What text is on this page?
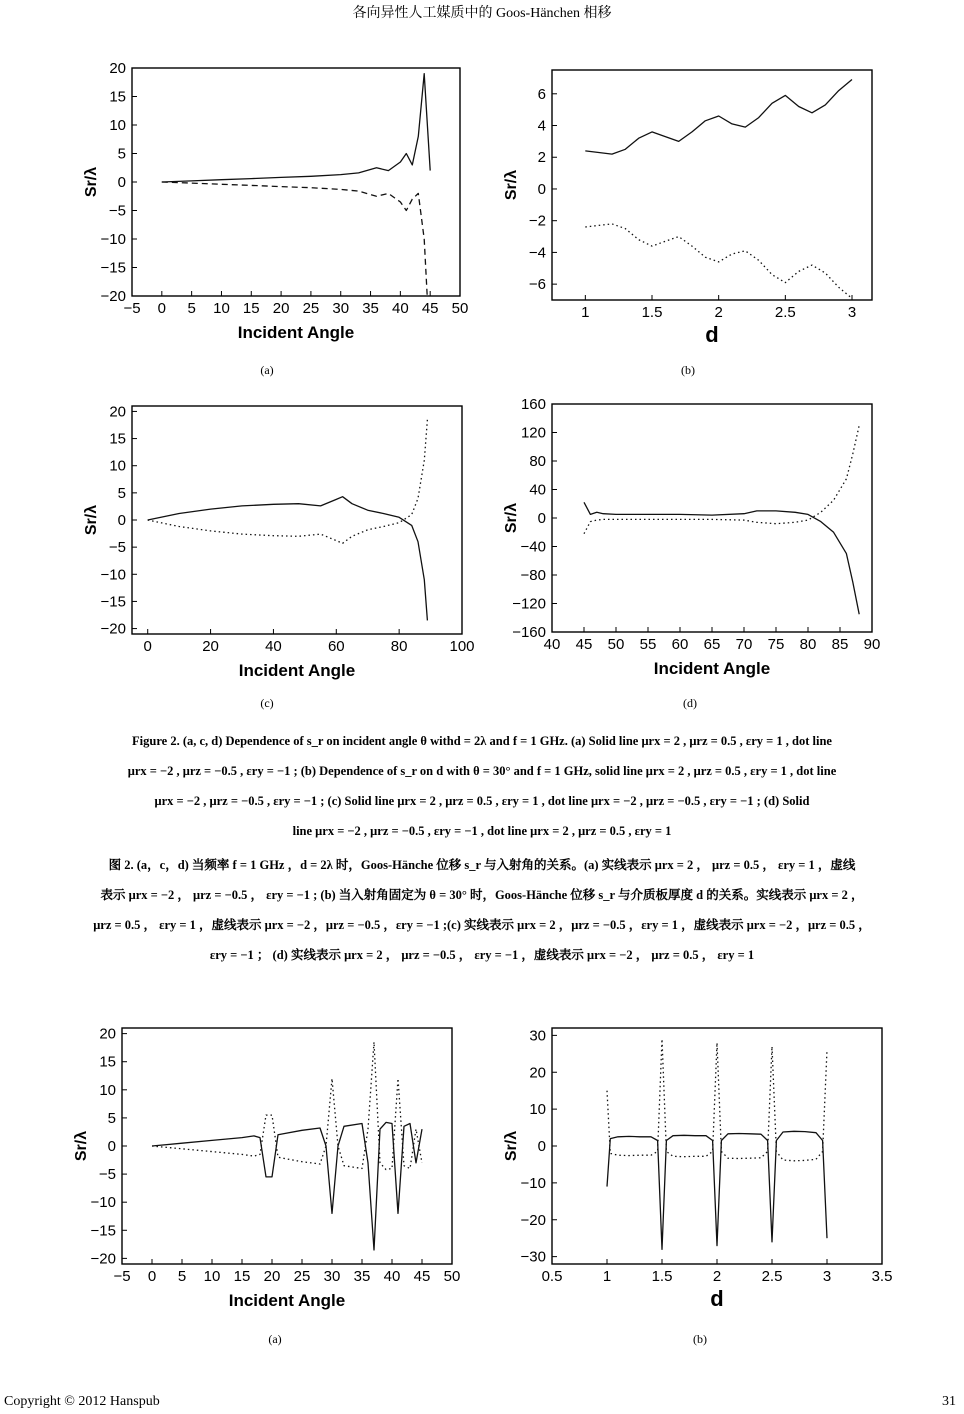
各向异性人工媒质中的 Goos-Hänchen 相移
−5 0 5 10 15 20 25 30 35 40 45 50
−20
−15
−10
−5
0
5
10
15
20
Incident Angle
Sr/λ
(a)
1	1.5	2	2.5	3
−6
−4
−2
0
2
4
6
d
Sr/λ
(b)
0	20	40	60	80	100
−20
−15
−10
−5
0
5
10
15
20
Incident Angle
Sr/λ
(c)
40 45 50 55 60 65 70 75 80 85 90
−160
−120
−80
−40
0
40
80
120
160
Incident Angle
Sr/λ
(d)
Figure 2. (a, c, d) Dependence of s_r on incident angle θ withd = 2λ and f = 1 GHz. (a) Solid line μrx = 2 , μrz = 0.5 , εry = 1 , dot line
μrx = −2 , μrz = −0.5 , εry = −1 ; (b) Dependence of s_r on d with θ = 30° and f = 1 GHz, solid line μrx = 2 , μrz = 0.5 , εry = 1 , dot line
μrx = −2 , μrz = −0.5 , εry = −1 ; (c) Solid line μrx = 2 , μrz = 0.5 , εry = 1 , dot line μrx = −2 , μrz = −0.5 , εry = −1 ; (d) Solid
line μrx = −2 , μrz = −0.5 , εry = −1 , dot line μrx = 2 , μrz = 0.5 , εry = 1
图 2. (a，c，d) 当频率 f = 1 GHz ，d = 2λ 时，Goos-Hänche 位移 s_r 与入射角的关系。(a) 实线表示 μrx = 2 ， μrz = 0.5 ， εry = 1 ，虚线
表示 μrx = −2 ， μrz = −0.5 ， εry = −1 ; (b) 当入射角固定为 θ = 30° 时，Goos-Hänche 位移 s_r 与介质板厚度 d 的关系。实线表示 μrx = 2 ，
μrz = 0.5 ， εry = 1 ，虚线表示 μrx = −2 ，μrz = −0.5 ，εry = −1 ;(c) 实线表示 μrx = 2 ，μrz = −0.5 ，εry = 1 ，虚线表示 μrx = −2 ，μrz = 0.5 ，
εry = −1 ； (d) 实线表示 μrx = 2 ， μrz = −0.5 ， εry = −1 ，虚线表示 μrx = −2 ， μrz = 0.5 ， εry = 1
−5 0 5 10 15 20 25 30 35 40 45 50
−20
−15
−10
−5
0
5
10
15
20
Incident Angle
Sr/λ
(a)
0.5	1	1.5	2	2.5	3	3.5
−30
−20
−10
0
10
20
30
d
Sr/λ
(b)
Copyright © 2012 Hanspub	31
